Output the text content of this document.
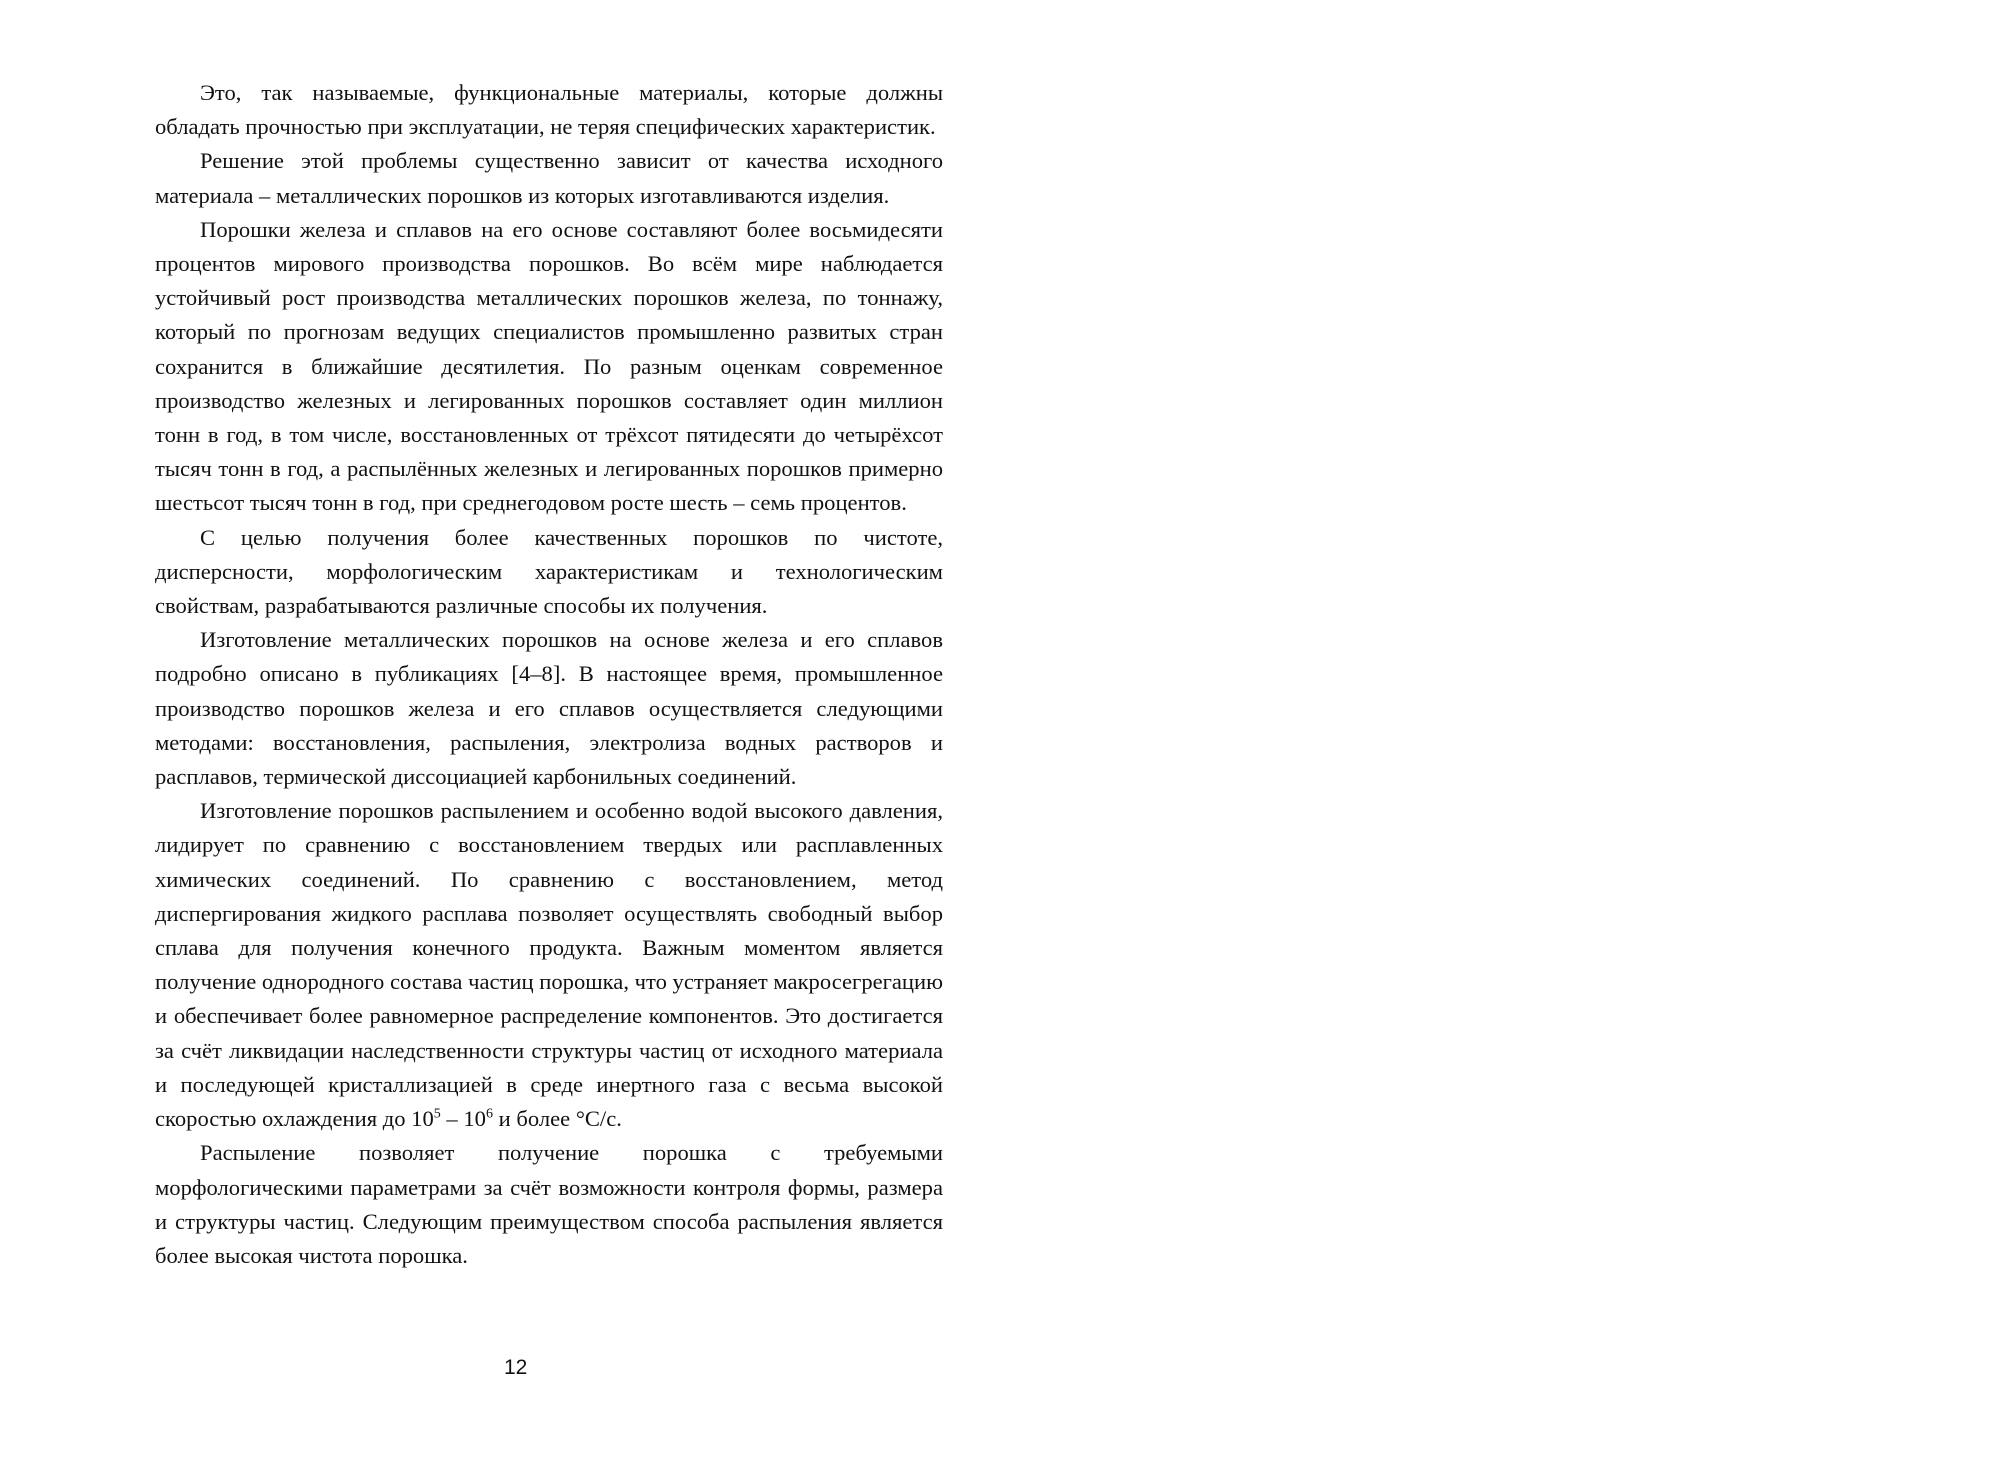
Это, так называемые, функциональные материалы, которые должны обладать прочностью при эксплуатации, не теряя специфических характеристик.

Решение этой проблемы существенно зависит от качества исходного материала – металлических порошков из которых изготавливаются изделия.

Порошки железа и сплавов на его основе составляют более восьмидесяти процентов мирового производства порошков. Во всём мире наблюдается устойчивый рост производства металлических порошков железа, по тоннажу, который по прогнозам ведущих специалистов промышленно развитых стран сохранится в ближайшие десятилетия. По разным оценкам современное производство железных и легированных порошков составляет один миллион тонн в год, в том числе, восстановленных от трёхсот пятидесяти до четырёхсот тысяч тонн в год, а распылённых железных и легированных порошков примерно шестьсот тысяч тонн в год, при среднегодовом росте шесть – семь процентов.

С целью получения более качественных порошков по чистоте, дисперсности, морфологическим характеристикам и технологическим свойствам, разрабатываются различные способы их получения.

Изготовление металлических порошков на основе железа и его сплавов подробно описано в публикациях [4–8]. В настоящее время, промышленное производство порошков железа и его сплавов осуществляется следующими методами: восстановления, распыления, электролиза водных растворов и расплавов, термической диссоциацией карбонильных соединений.

Изготовление порошков распылением и особенно водой высокого давления, лидирует по сравнению с восстановлением твердых или расплавленных химических соединений. По сравнению с восстановлением, метод диспергирования жидкого расплава позволяет осуществлять свободный выбор сплава для получения конечного продукта. Важным моментом является получение однородного состава частиц порошка, что устраняет макросегрегацию и обеспечивает более равномерное распределение компонентов. Это достигается за счёт ликвидации наследственности структуры частиц от исходного материала и последующей кристаллизацией в среде инертного газа с весьма высокой скоростью охлаждения до $10^5 - 10^6$ и более °С/с.

Распыление позволяет получение порошка с требуемыми морфологическими параметрами за счёт возможности контроля формы, размера и структуры частиц. Следующим преимуществом способа распыления является более высокая чистота порошка.

12
